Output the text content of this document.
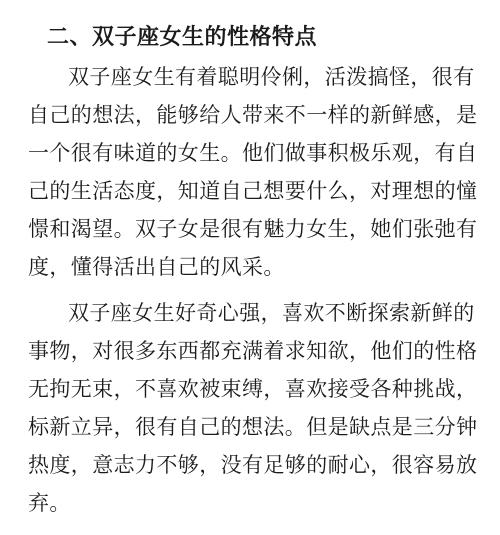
二、双子座女生的性格特点
双子座女生有着聪明伶俐，活泼搞怪，很有
自己的想法，能够给人带来不一样的新鲜感，是
一个很有味道的女生。他们做事积极乐观，有自
己的生活态度，知道自己想要什么，对理想的憧
憬和渴望。双子女是很有魅力女生，她们张弛有
度，懂得活出自己的风采。
双子座女生好奇心强，喜欢不断探索新鲜的
事物，对很多东西都充满着求知欲，他们的性格
无拘无束，不喜欢被束缚，喜欢接受各种挑战，
标新立异，很有自己的想法。但是缺点是三分钟
热度，意志力不够，没有足够的耐心，很容易放
弃。
